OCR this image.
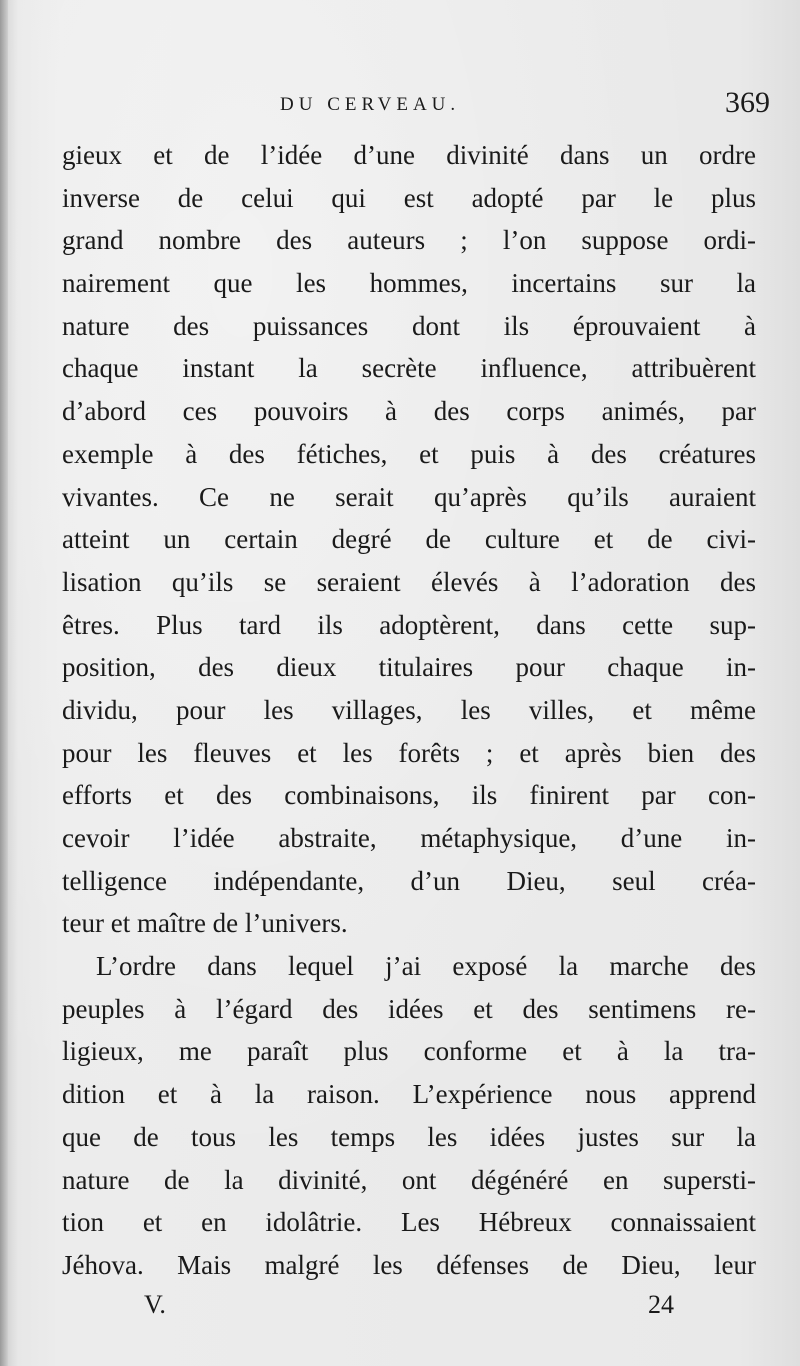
DU CERVEAU.	369
gieux et de l’idée d’une divinité dans un ordre
inverse de celui qui est adopté par le plus
grand nombre des auteurs ; l’on suppose ordi-
nairement que les hommes, incertains sur la
nature des puissances dont ils éprouvaient à
chaque instant la secrète influence, attribuèrent
d’abord ces pouvoirs à des corps animés, par
exemple à des fétiches, et puis à des créatures
vivantes. Ce ne serait qu’après qu’ils auraient
atteint un certain degré de culture et de civi-
lisation qu’ils se seraient élevés à l’adoration des
êtres. Plus tard ils adoptèrent, dans cette sup-
position, des dieux titulaires pour chaque in-
dividu, pour les villages, les villes, et même
pour les fleuves et les forêts ; et après bien des
efforts et des combinaisons, ils finirent par con-
cevoir l’idée abstraite, métaphysique, d’une in-
telligence indépendante, d’un Dieu, seul créa-
teur et maître de l’univers.
L’ordre dans lequel j’ai exposé la marche des
peuples à l’égard des idées et des sentimens re-
ligieux, me paraît plus conforme et à la tra-
dition et à la raison. L’expérience nous apprend
que de tous les temps les idées justes sur la
nature de la divinité, ont dégénéré en supersti-
tion et en idolâtrie. Les Hébreux connaissaient
Jéhova. Mais malgré les défenses de Dieu, leur
V.	24
